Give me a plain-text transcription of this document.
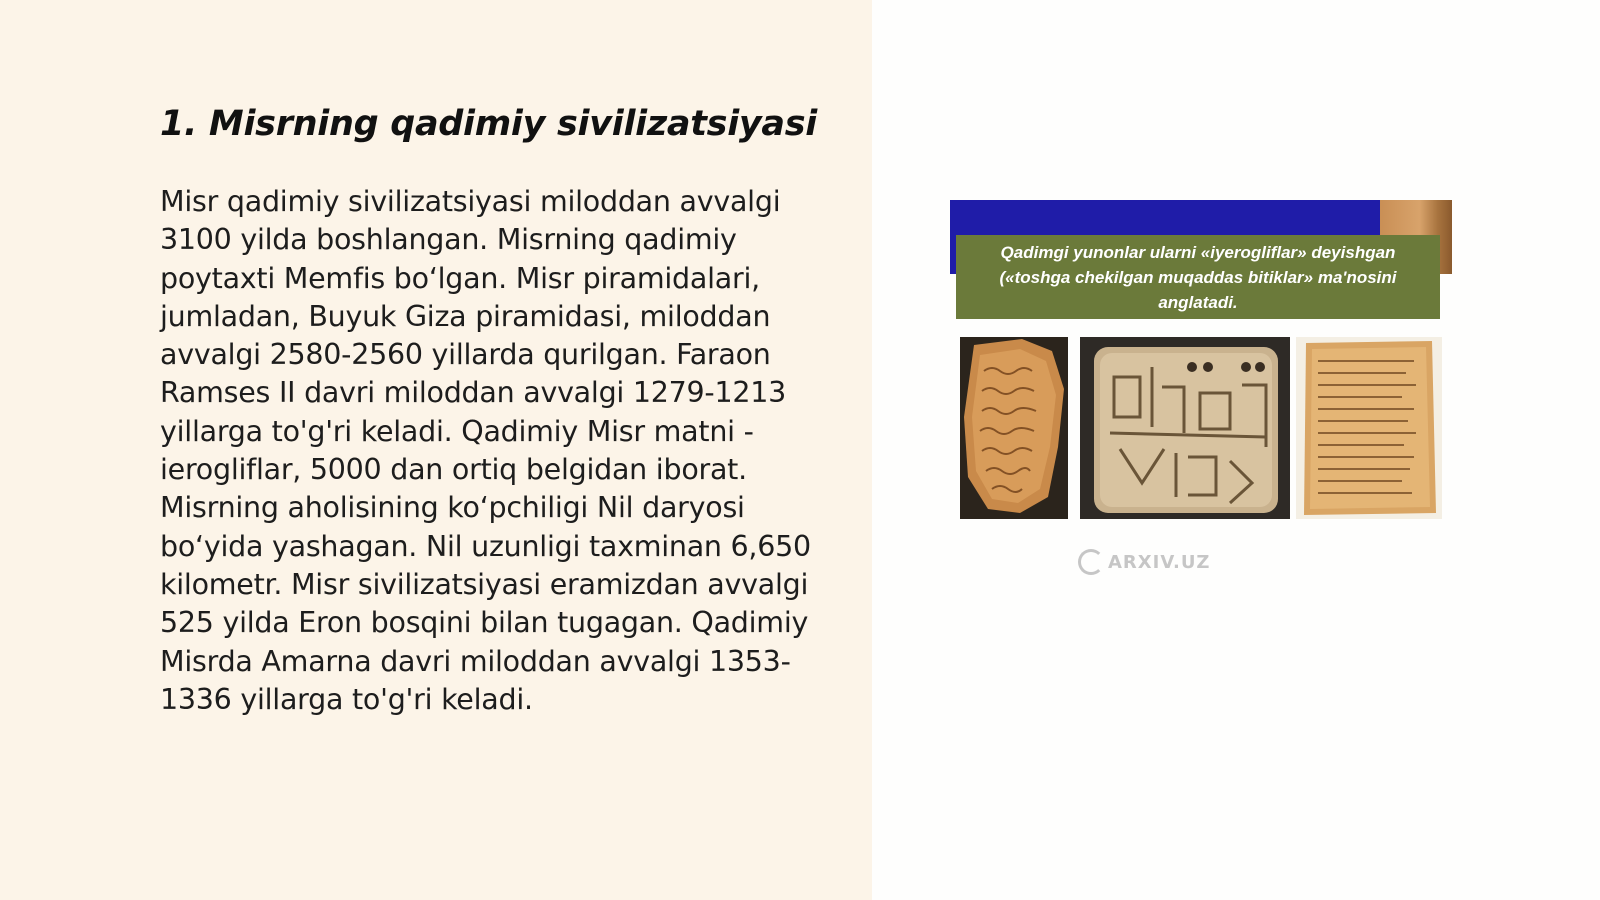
1. Misrning qadimiy sivilizatsiyasi

Misr qadimiy sivilizatsiyasi miloddan avvalgi 3100 yilda boshlangan. Misrning qadimiy poytaxti Memfis bo‘lgan. Misr piramidalari, jumladan, Buyuk Giza piramidasi, miloddan avvalgi 2580-2560 yillarda qurilgan. Faraon Ramses II davri miloddan avvalgi 1279-1213 yillarga to'g'ri keladi. Qadimiy Misr matni - ierogliflar, 5000 dan ortiq belgidan iborat. Misrning aholisining ko‘pchiligi Nil daryosi bo‘yida yashagan. Nil uzunligi taxminan 6,650 kilometr. Misr sivilizatsiyasi eramizdan avvalgi 525 yilda Eron bosqini bilan tugagan. Qadimiy Misrda Amarna davri miloddan avvalgi 1353-1336 yillarga to'g'ri keladi.

Qadimgi yunonlar ularni «iyerogliflar» deyishgan («toshga chekilgan muqaddas bitiklar» ma'nosini anglatadi.
ARXIV.UZ
